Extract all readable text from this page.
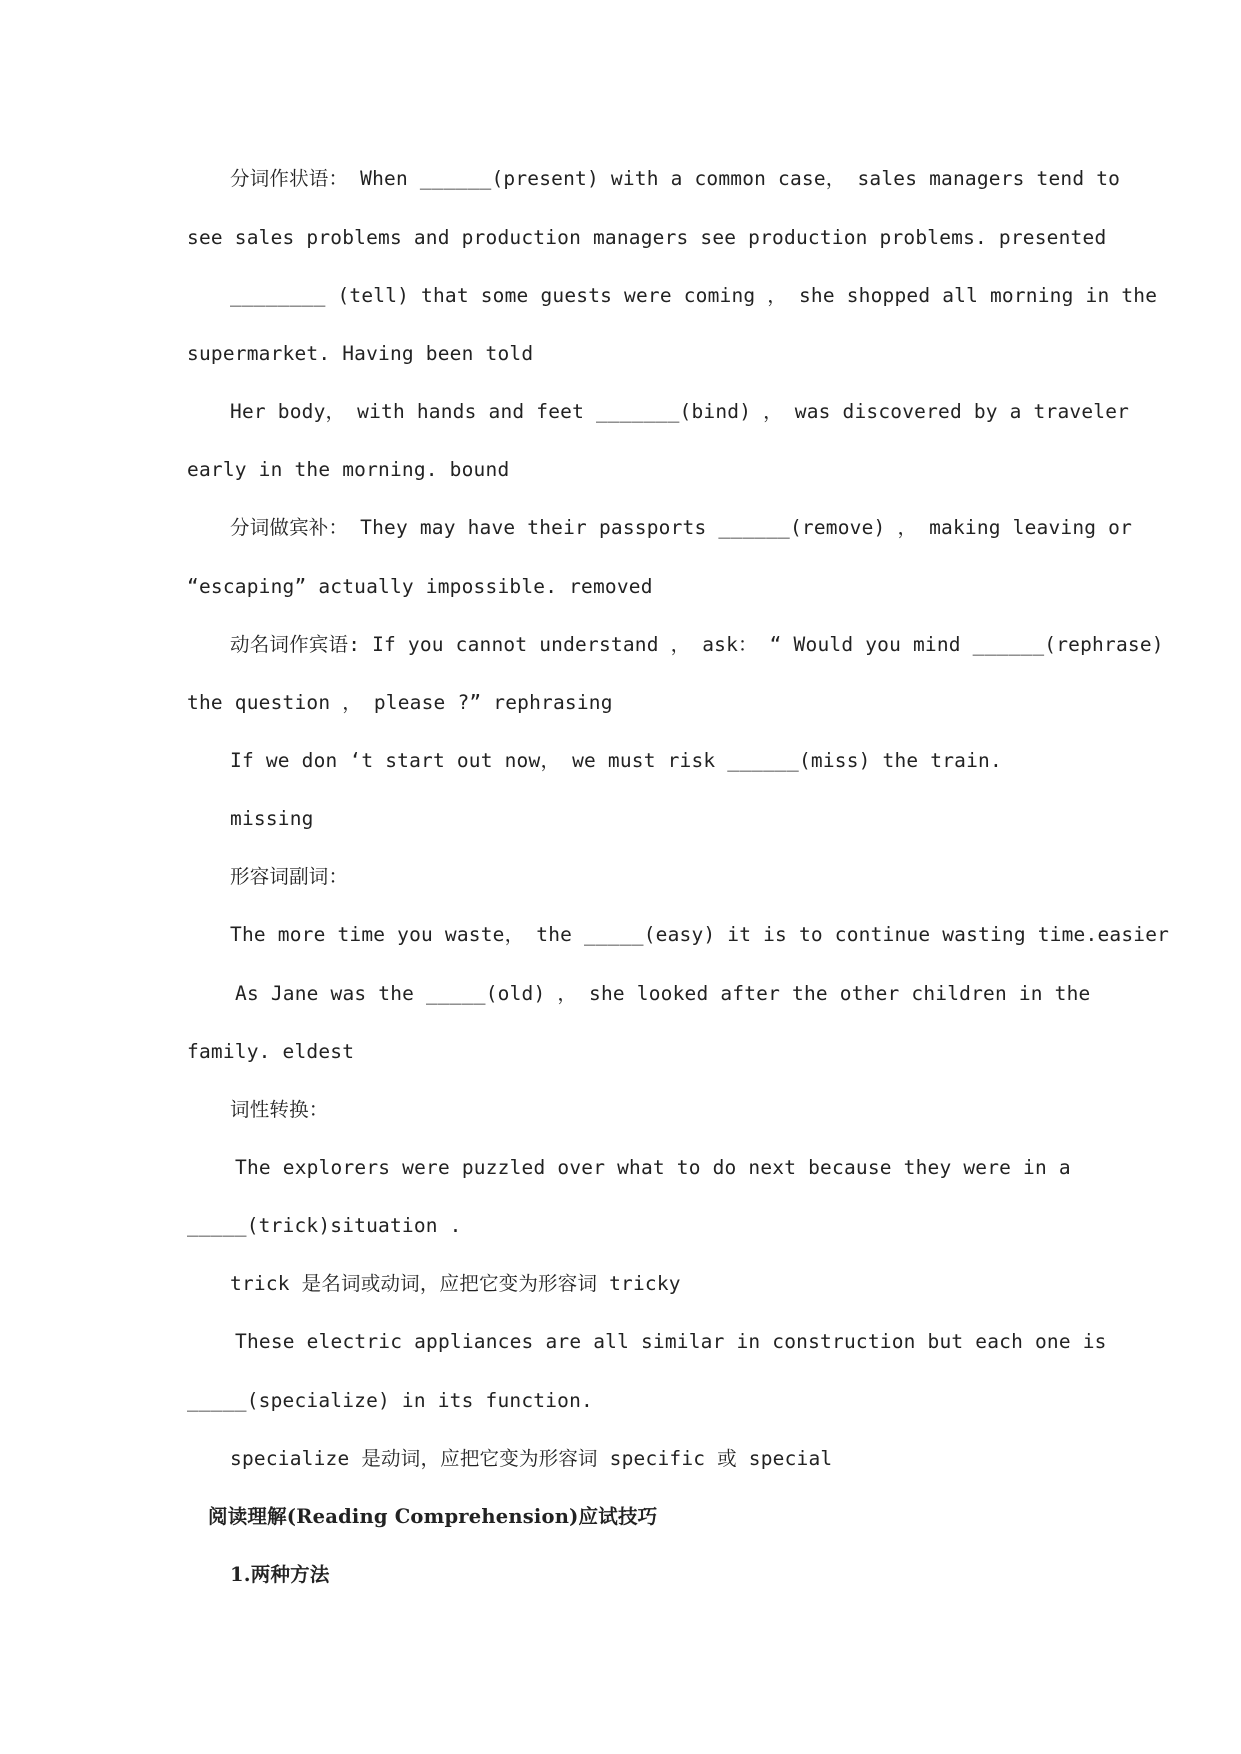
分词作状语： When ______(present) with a common case， sales managers tend to
see sales problems and production managers see production problems. presented
________ (tell) that some guests were coming ， she shopped all morning in the
supermarket. Having been told
Her body， with hands and feet _______(bind) ， was discovered by a traveler
early in the morning. bound
分词做宾补： They may have their passports ______(remove) ， making leaving or
“escaping” actually impossible. removed
动名词作宾语: If you cannot understand ， ask： “ Would you mind ______(rephrase)
the question ， please ?” rephrasing
If we don ‘t start out now， we must risk ______(miss) the train.
missing
形容词副词：
The more time you waste， the _____(easy) it is to continue wasting time.easier
As Jane was the _____(old) ， she looked after the other children in the
family. eldest
词性转换：
The explorers were puzzled over what to do next because they were in a
_____(trick)situation .
trick 是名词或动词，应把它变为形容词 tricky
These electric appliances are all similar in construction but each one is
_____(specialize) in its function.
specialize 是动词，应把它变为形容词 specific 或 special
阅读理解(Reading Comprehension)应试技巧
1.两种方法
